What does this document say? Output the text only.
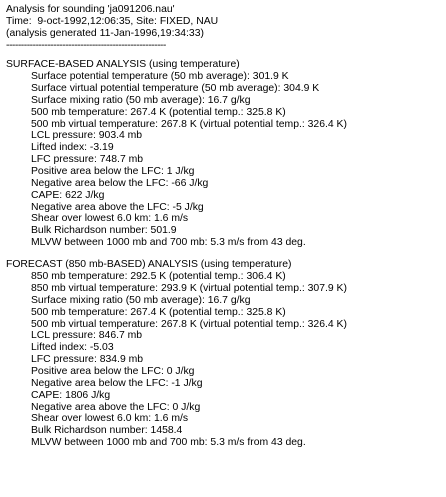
Analysis for sounding 'ja091206.nau'
Time:  9-oct-1992,12:06:35, Site: FIXED, NAU
(analysis generated 11-Jan-1996,19:34:33)
------------------------------------------------------
SURFACE-BASED ANALYSIS (using temperature)
Surface potential temperature (50 mb average): 301.9 K
Surface virtual potential temperature (50 mb average): 304.9 K
Surface mixing ratio (50 mb average): 16.7 g/kg
500 mb temperature: 267.4 K (potential temp.: 325.8 K)
500 mb virtual temperature: 267.8 K (virtual potential temp.: 326.4 K)
LCL pressure: 903.4 mb
Lifted index: -3.19
LFC pressure: 748.7 mb
Positive area below the LFC: 1 J/kg
Negative area below the LFC: -66 J/kg
CAPE: 622 J/kg
Negative area above the LFC: -5 J/kg
Shear over lowest 6.0 km: 1.6 m/s
Bulk Richardson number: 501.9
MLVW between 1000 mb and 700 mb: 5.3 m/s from 43 deg.
FORECAST (850 mb-BASED) ANALYSIS (using temperature)
850 mb temperature: 292.5 K (potential temp.: 306.4 K)
850 mb virtual temperature: 293.9 K (virtual potential temp.: 307.9 K)
Surface mixing ratio (50 mb average): 16.7 g/kg
500 mb temperature: 267.4 K (potential temp.: 325.8 K)
500 mb virtual temperature: 267.8 K (virtual potential temp.: 326.4 K)
LCL pressure: 846.7 mb
Lifted index: -5.03
LFC pressure: 834.9 mb
Positive area below the LFC: 0 J/kg
Negative area below the LFC: -1 J/kg
CAPE: 1806 J/kg
Negative area above the LFC: 0 J/kg
Shear over lowest 6.0 km: 1.6 m/s
Bulk Richardson number: 1458.4
MLVW between 1000 mb and 700 mb: 5.3 m/s from 43 deg.
